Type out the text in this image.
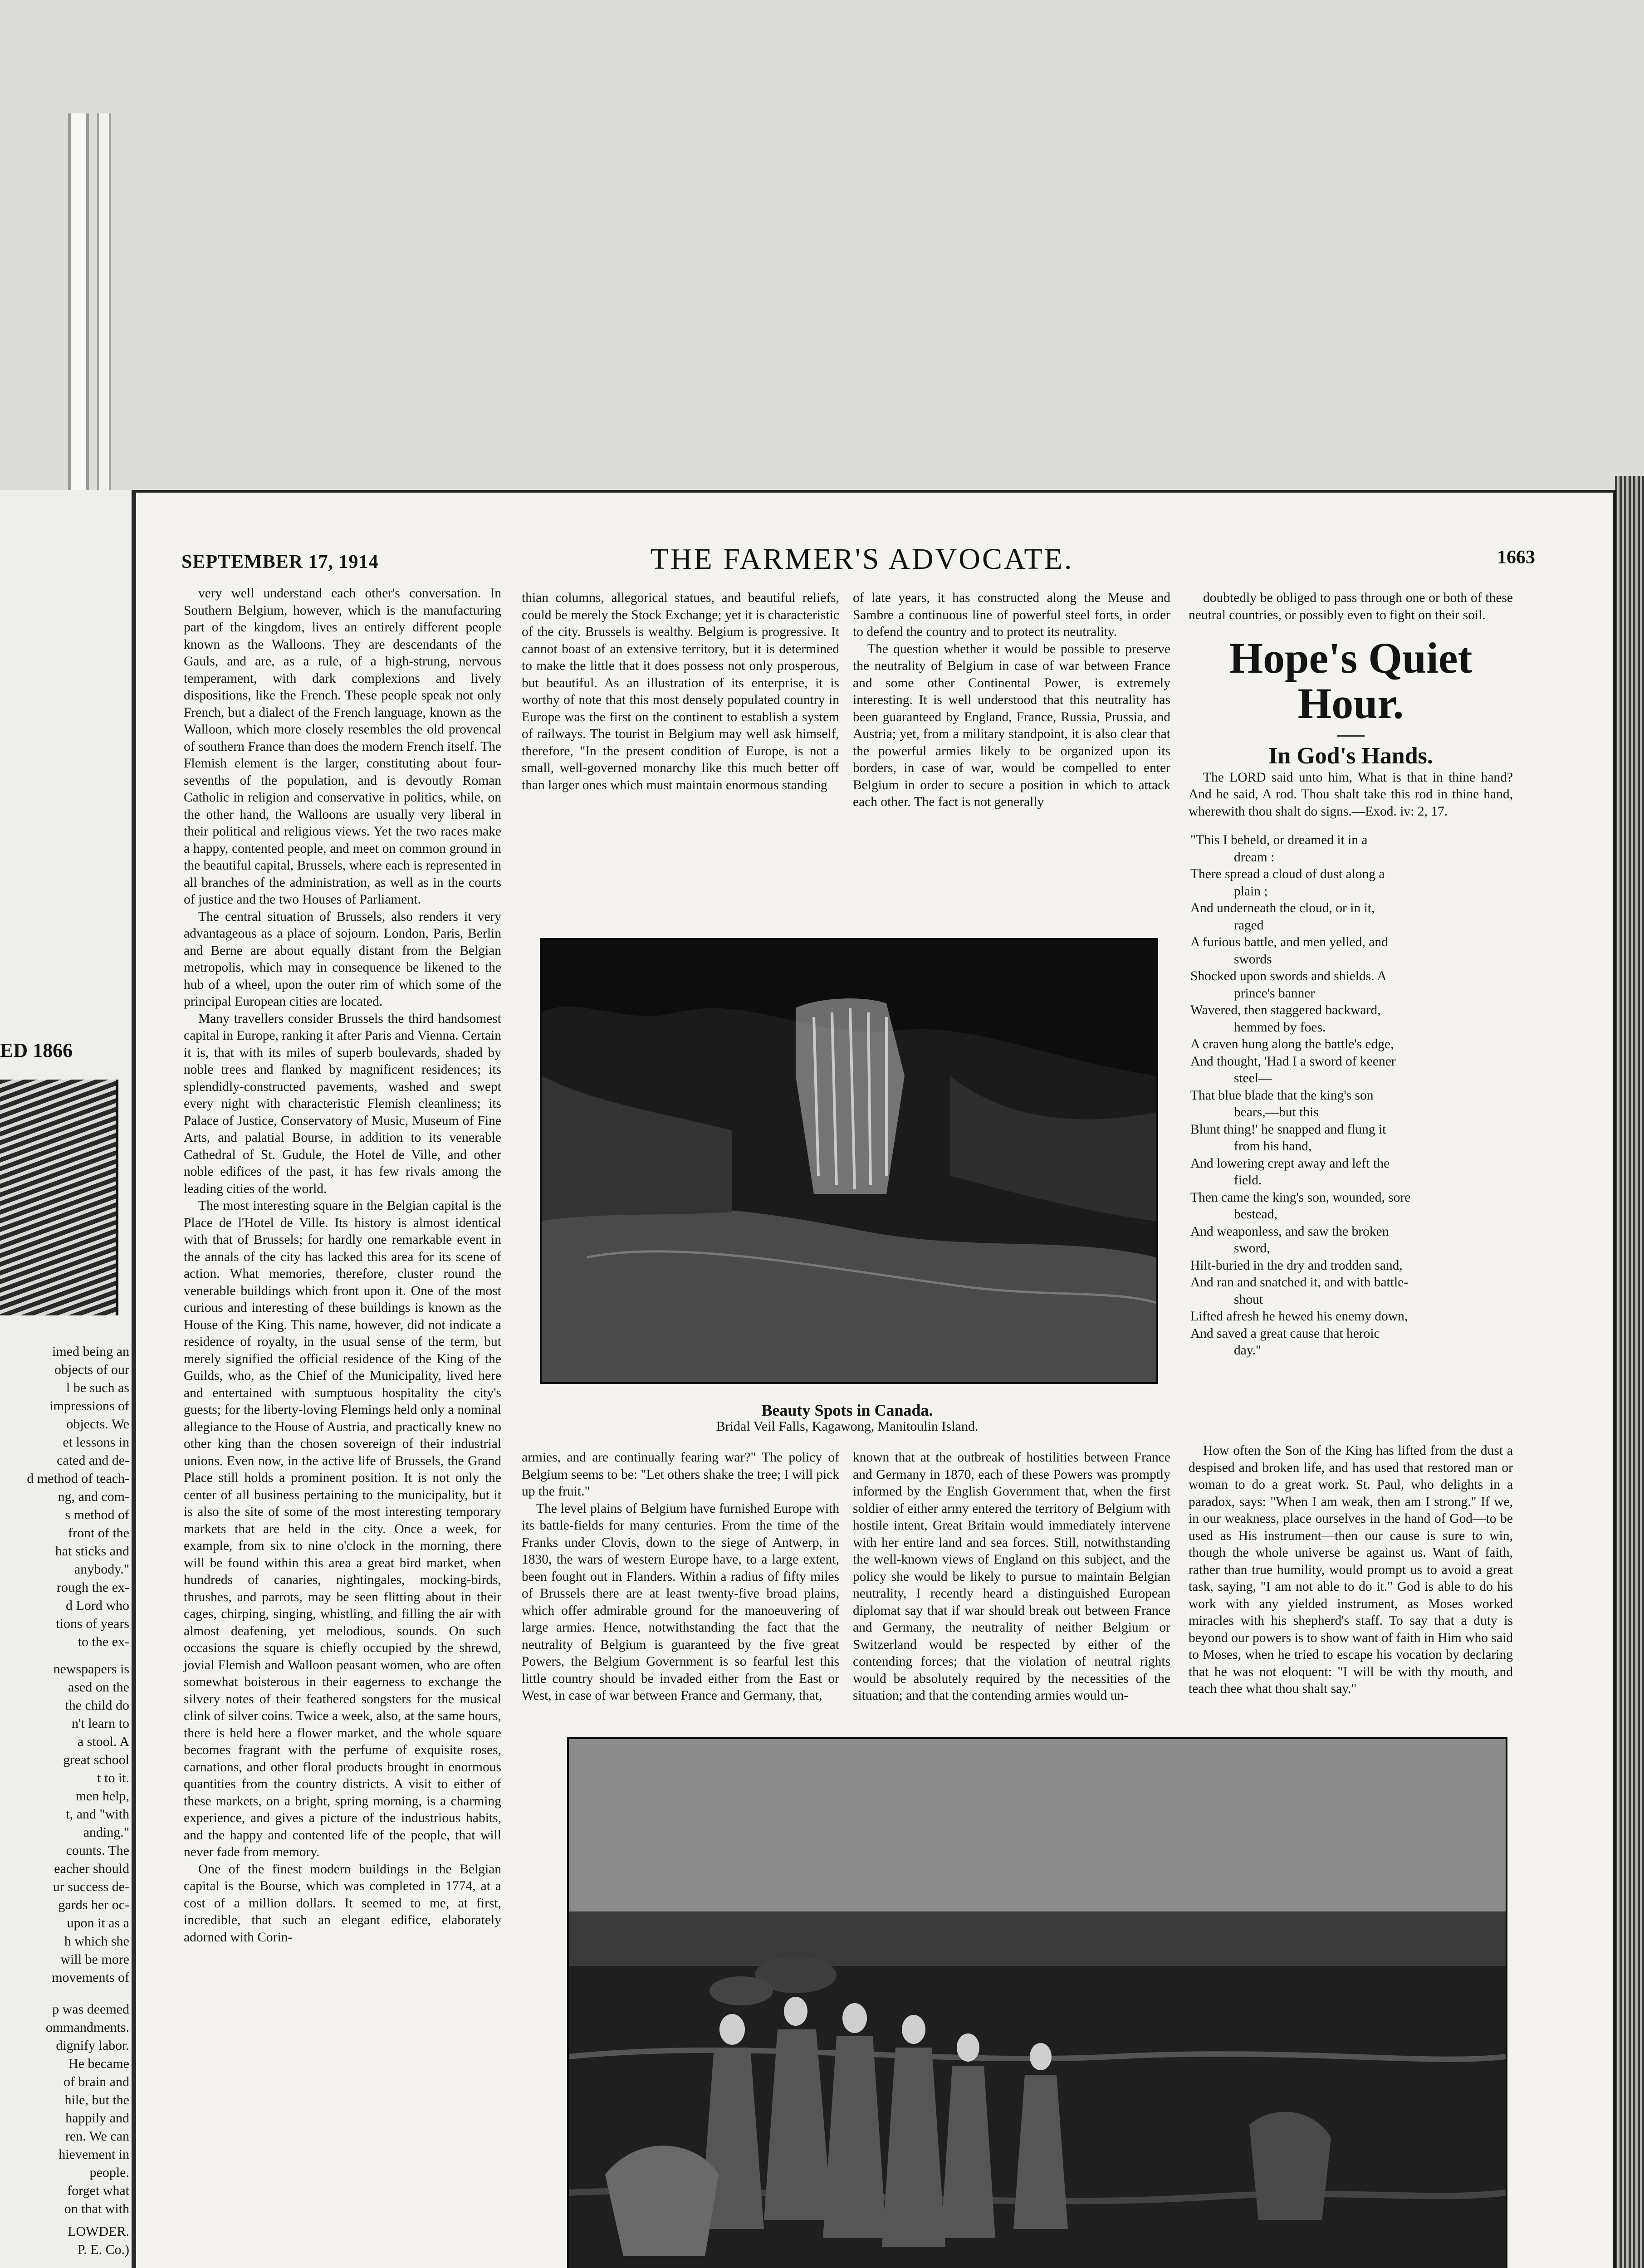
ED 1866
imed being an
objects of our
l be such as
impressions of
objects. We
et lessons in
cated and de-
d method of teach-
ng, and com-
s method of
front of the
hat sticks and
anybody."
rough the ex-
d Lord who
tions of years
to the ex-
newspapers is
ased on the
the child do
n't learn to
a stool. A
great school
t to it.
men help,
t, and "with
anding."
counts. The
eacher should
ur success de-
gards her oc-
upon it as a
h which she
will be more
movements of
p was deemed
ommandments.
dignify labor.
He became
of brain and
hile, but the
happily and
ren. We can
hievement in
people.
forget what
on that with
LOWDER.
P. E. Co.)
SEPTEMBER 17, 1914	THE FARMER'S ADVOCATE.	1663

very well understand each other's conversation. In Southern Belgium, however, which is the manufacturing part of the kingdom, lives an entirely different people known as the Walloons. They are descendants of the Gauls, and are, as a rule, of a high-strung, nervous temperament, with dark complexions and lively dispositions, like the French. These people speak not only French, but a dialect of the French language, known as the Walloon, which more closely resembles the old provencal of southern France than does the modern French itself. The Flemish element is the larger, constituting about four-sevenths of the population, and is devoutly Roman Catholic in religion and conservative in politics, while, on the other hand, the Walloons are usually very liberal in their political and religious views. Yet the two races make a happy, contented people, and meet on common ground in the beautiful capital, Brussels, where each is represented in all branches of the administration, as well as in the courts of justice and the two Houses of Parliament.

The central situation of Brussels, also renders it very advantageous as a place of sojourn. London, Paris, Berlin and Berne are about equally distant from the Belgian metropolis, which may in consequence be likened to the hub of a wheel, upon the outer rim of which some of the principal European cities are located.

Many travellers consider Brussels the third handsomest capital in Europe, ranking it after Paris and Vienna. Certain it is, that with its miles of superb boulevards, shaded by noble trees and flanked by magnificent residences; its splendidly-constructed pavements, washed and swept every night with characteristic Flemish cleanliness; its Palace of Justice, Conservatory of Music, Museum of Fine Arts, and palatial Bourse, in addition to its venerable Cathedral of St. Gudule, the Hotel de Ville, and other noble edifices of the past, it has few rivals among the leading cities of the world.

The most interesting square in the Belgian capital is the Place de l'Hotel de Ville. Its history is almost identical with that of Brussels; for hardly one remarkable event in the annals of the city has lacked this area for its scene of action. What memories, therefore, cluster round the venerable buildings which front upon it. One of the most curious and interesting of these buildings is known as the House of the King. This name, however, did not indicate a residence of royalty, in the usual sense of the term, but merely signified the official residence of the King of the Guilds, who, as the Chief of the Municipality, lived here and entertained with sumptuous hospitality the city's guests; for the liberty-loving Flemings held only a nominal allegiance to the House of Austria, and practically knew no other king than the chosen sovereign of their industrial unions. Even now, in the active life of Brussels, the Grand Place still holds a prominent position. It is not only the center of all business pertaining to the municipality, but it is also the site of some of the most interesting temporary markets that are held in the city. Once a week, for example, from six to nine o'clock in the morning, there will be found within this area a great bird market, when hundreds of canaries, nightingales, mocking-birds, thrushes, and parrots, may be seen flitting about in their cages, chirping, singing, whistling, and filling the air with almost deafening, yet melodious, sounds. On such occasions the square is chiefly occupied by the shrewd, jovial Flemish and Walloon peasant women, who are often somewhat boisterous in their eagerness to exchange the silvery notes of their feathered songsters for the musical clink of silver coins. Twice a week, also, at the same hours, there is held here a flower market, and the whole square becomes fragrant with the perfume of exquisite roses, carnations, and other floral products brought in enormous quantities from the country districts. A visit to either of these markets, on a bright, spring morning, is a charming experience, and gives a picture of the industrious habits, and the happy and contented life of the people, that will never fade from memory.

One of the finest modern buildings in the Belgian capital is the Bourse, which was completed in 1774, at a cost of a million dollars. It seemed to me, at first, incredible, that such an elegant edifice, elaborately adorned with Corin-

thian columns, allegorical statues, and beautiful reliefs, could be merely the Stock Exchange; yet it is characteristic of the city. Brussels is wealthy. Belgium is progressive. It cannot boast of an extensive territory, but it is determined to make the little that it does possess not only prosperous, but beautiful. As an illustration of its enterprise, it is worthy of note that this most densely populated country in Europe was the first on the continent to establish a system of railways. The tourist in Belgium may well ask himself, therefore, "In the present condition of Europe, is not a small, well-governed monarchy like this much better off than larger ones which must maintain enormous standing

of late years, it has constructed along the Meuse and Sambre a continuous line of powerful steel forts, in order to defend the country and to protect its neutrality.

The question whether it would be possible to preserve the neutrality of Belgium in case of war between France and some other Continental Power, is extremely interesting. It is well understood that this neutrality has been guaranteed by England, France, Russia, Prussia, and Austria; yet, from a military standpoint, it is also clear that the powerful armies likely to be organized upon its borders, in case of war, would be compelled to enter Belgium in order to secure a position in which to attack each other. The fact is not generally

doubtedly be obliged to pass through one or both of these neutral countries, or possibly even to fight on their soil.

Hope's Quiet
Hour.
In God's Hands.

The LORD said unto him, What is that in thine hand? And he said, A rod. Thou shalt take this rod in thine hand, wherewith thou shalt do signs.—Exod. iv: 2, 17.

"This I beheld, or dreamed it in a
dream :
There spread a cloud of dust along a
plain ;
And underneath the cloud, or in it,
raged
A furious battle, and men yelled, and
swords
Shocked upon swords and shields. A
prince's banner
Wavered, then staggered backward,
hemmed by foes.
A craven hung along the battle's edge,
And thought, 'Had I a sword of keener
steel—
That blue blade that the king's son
bears,—but this
Blunt thing!' he snapped and flung it
from his hand,
And lowering crept away and left the
field.
Then came the king's son, wounded, sore
bestead,
And weaponless, and saw the broken
sword,
Hilt-buried in the dry and trodden sand,
And ran and snatched it, and with battle-
shout
Lifted afresh he hewed his enemy down,
And saved a great cause that heroic
day."
Beauty Spots in Canada.
Bridal Veil Falls, Kagawong, Manitoulin Island.

armies, and are continually fearing war?" The policy of Belgium seems to be: "Let others shake the tree; I will pick up the fruit."

The level plains of Belgium have furnished Europe with its battle-fields for many centuries. From the time of the Franks under Clovis, down to the siege of Antwerp, in 1830, the wars of western Europe have, to a large extent, been fought out in Flanders. Within a radius of fifty miles of Brussels there are at least twenty-five broad plains, which offer admirable ground for the manoeuvering of large armies. Hence, notwithstanding the fact that the neutrality of Belgium is guaranteed by the five great Powers, the Belgium Government is so fearful lest this little country should be invaded either from the East or West, in case of war between France and Germany, that,

known that at the outbreak of hostilities between France and Germany in 1870, each of these Powers was promptly informed by the English Government that, when the first soldier of either army entered the territory of Belgium with hostile intent, Great Britain would immediately intervene with her entire land and sea forces. Still, notwithstanding the well-known views of England on this subject, and the policy she would be likely to pursue to maintain Belgian neutrality, I recently heard a distinguished European diplomat say that if war should break out between France and Germany, the neutrality of neither Belgium or Switzerland would be respected by either of the contending forces; that the violation of neutral rights would be absolutely required by the necessities of the situation; and that the contending armies would un-

How often the Son of the King has lifted from the dust a despised and broken life, and has used that restored man or woman to do a great work. St. Paul, who delights in a paradox, says: "When I am weak, then am I strong." If we, in our weakness, place ourselves in the hand of God—to be used as His instrument—then our cause is sure to win, though the whole universe be against us. Want of faith, rather than true humility, would prompt us to avoid a great task, saying, "I am not able to do it." God is able to do his work with any yielded instrument, as Moses worked miracles with his shepherd's staff. To say that a duty is beyond our powers is to show want of faith in Him who said to Moses, when he tried to escape his vocation by declaring that he was not eloquent: "I will be with thy mouth, and teach thee what thou shalt say."
